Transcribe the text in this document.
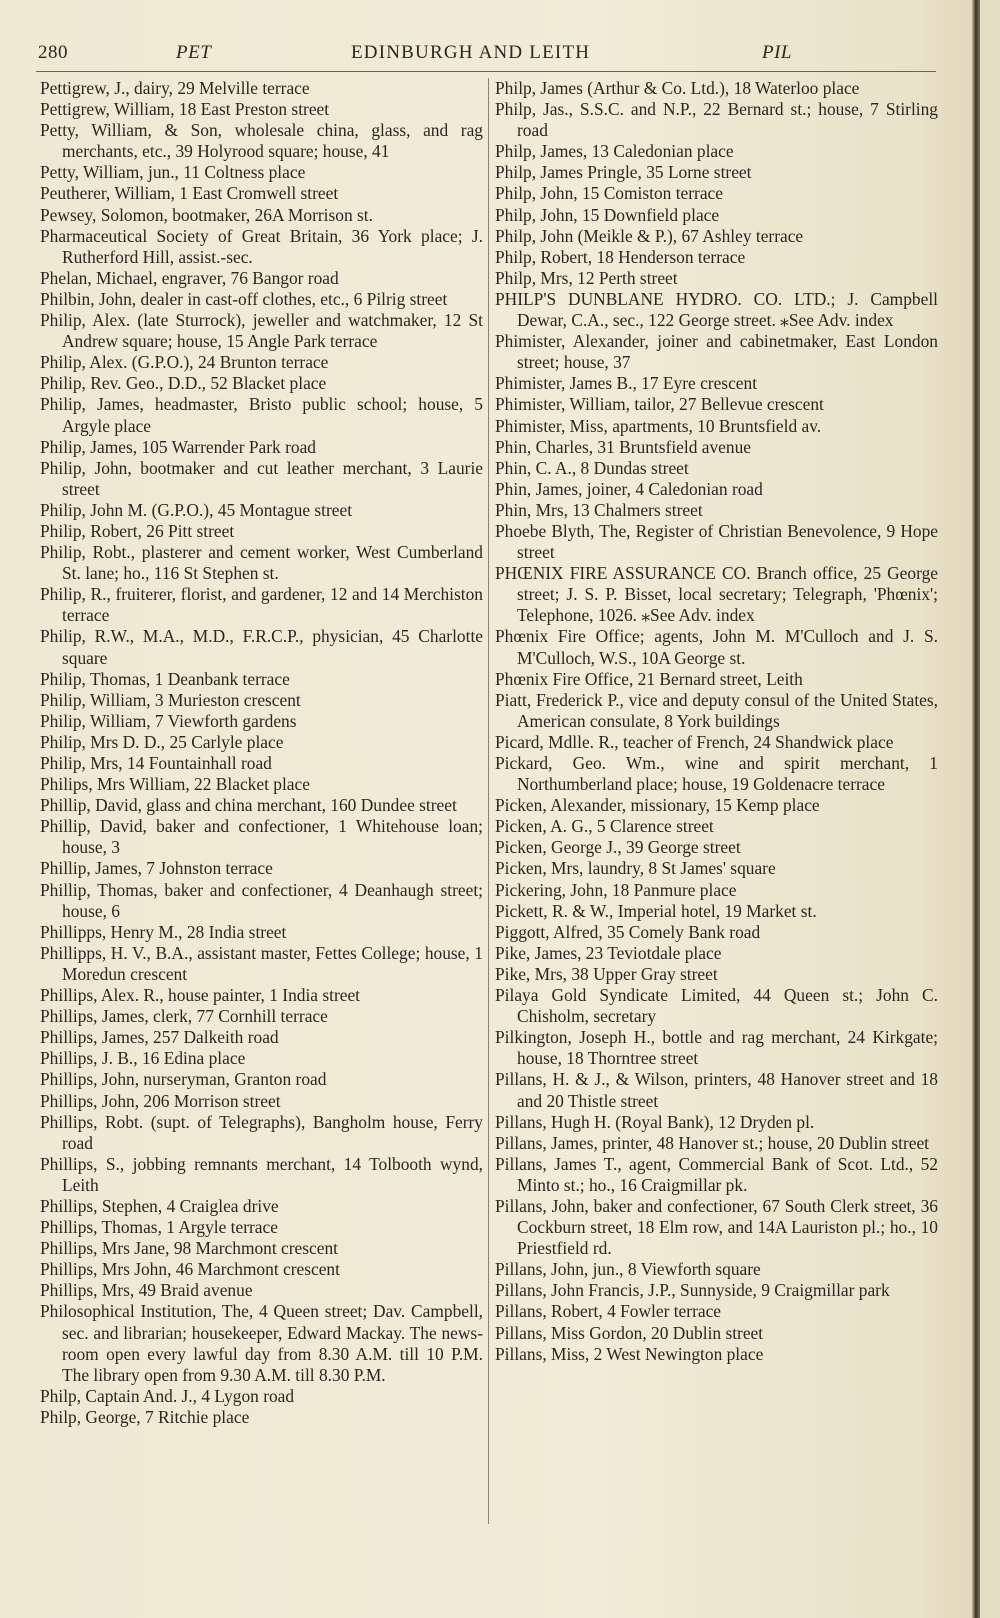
280	PET	EDINBURGH AND LEITH	PIL
Pettigrew, J., dairy, 29 Melville terrace
Pettigrew, William, 18 East Preston street
Petty, William, & Son, wholesale china, glass, and rag merchants, etc., 39 Holyrood square; house, 41
Petty, William, jun., 11 Coltness place
Peutherer, William, 1 East Cromwell street
Pewsey, Solomon, bootmaker, 26A Morrison st.
Pharmaceutical Society of Great Britain, 36 York place; J. Rutherford Hill, assist.-sec.
Phelan, Michael, engraver, 76 Bangor road
Philbin, John, dealer in cast-off clothes, etc., 6 Pilrig street
Philip, Alex. (late Sturrock), jeweller and watchmaker, 12 St Andrew square; house, 15 Angle Park terrace
Philip, Alex. (G.P.O.), 24 Brunton terrace
Philip, Rev. Geo., D.D., 52 Blacket place
Philip, James, headmaster, Bristo public school; house, 5 Argyle place
Philip, James, 105 Warrender Park road
Philip, John, bootmaker and cut leather merchant, 3 Laurie street
Philip, John M. (G.P.O.), 45 Montague street
Philip, Robert, 26 Pitt street
Philip, Robt., plasterer and cement worker, West Cumberland St. lane; ho., 116 St Stephen st.
Philip, R., fruiterer, florist, and gardener, 12 and 14 Merchiston terrace
Philip, R.W., M.A., M.D., F.R.C.P., physician, 45 Charlotte square
Philip, Thomas, 1 Deanbank terrace
Philip, William, 3 Murieston crescent
Philip, William, 7 Viewforth gardens
Philip, Mrs D. D., 25 Carlyle place
Philip, Mrs, 14 Fountainhall road
Philips, Mrs William, 22 Blacket place
Phillip, David, glass and china merchant, 160 Dundee street
Phillip, David, baker and confectioner, 1 Whitehouse loan; house, 3
Phillip, James, 7 Johnston terrace
Phillip, Thomas, baker and confectioner, 4 Deanhaugh street; house, 6
Phillipps, Henry M., 28 India street
Phillipps, H. V., B.A., assistant master, Fettes College; house, 1 Moredun crescent
Phillips, Alex. R., house painter, 1 India street
Phillips, James, clerk, 77 Cornhill terrace
Phillips, James, 257 Dalkeith road
Phillips, J. B., 16 Edina place
Phillips, John, nurseryman, Granton road
Phillips, John, 206 Morrison street
Phillips, Robt. (supt. of Telegraphs), Bangholm house, Ferry road
Phillips, S., jobbing remnants merchant, 14 Tolbooth wynd, Leith
Phillips, Stephen, 4 Craiglea drive
Phillips, Thomas, 1 Argyle terrace
Phillips, Mrs Jane, 98 Marchmont crescent
Phillips, Mrs John, 46 Marchmont crescent
Phillips, Mrs, 49 Braid avenue
Philosophical Institution, The, 4 Queen street; Dav. Campbell, sec. and librarian; housekeeper, Edward Mackay. The news-room open every lawful day from 8.30 A.M. till 10 P.M. The library open from 9.30 A.M. till 8.30 P.M.
Philp, Captain And. J., 4 Lygon road
Philp, George, 7 Ritchie place
Philp, James (Arthur & Co. Ltd.), 18 Waterloo place
Philp, Jas., S.S.C. and N.P., 22 Bernard st.; house, 7 Stirling road
Philp, James, 13 Caledonian place
Philp, James Pringle, 35 Lorne street
Philp, John, 15 Comiston terrace
Philp, John, 15 Downfield place
Philp, John (Meikle & P.), 67 Ashley terrace
Philp, Robert, 18 Henderson terrace
Philp, Mrs, 12 Perth street
PHILP'S DUNBLANE HYDRO. CO. LTD.; J. Campbell Dewar, C.A., sec., 122 George street. ⁎See Adv. index
Phimister, Alexander, joiner and cabinetmaker, East London street; house, 37
Phimister, James B., 17 Eyre crescent
Phimister, William, tailor, 27 Bellevue crescent
Phimister, Miss, apartments, 10 Bruntsfield av.
Phin, Charles, 31 Bruntsfield avenue
Phin, C. A., 8 Dundas street
Phin, James, joiner, 4 Caledonian road
Phin, Mrs, 13 Chalmers street
Phoebe Blyth, The, Register of Christian Benevolence, 9 Hope street
PHŒNIX FIRE ASSURANCE CO. Branch office, 25 George street; J. S. P. Bisset, local secretary; Telegraph, 'Phœnix'; Telephone, 1026. ⁎See Adv. index
Phœnix Fire Office; agents, John M. M'Culloch and J. S. M'Culloch, W.S., 10A George st.
Phœnix Fire Office, 21 Bernard street, Leith
Piatt, Frederick P., vice and deputy consul of the United States, American consulate, 8 York buildings
Picard, Mdlle. R., teacher of French, 24 Shandwick place
Pickard, Geo. Wm., wine and spirit merchant, 1 Northumberland place; house, 19 Goldenacre terrace
Picken, Alexander, missionary, 15 Kemp place
Picken, A. G., 5 Clarence street
Picken, George J., 39 George street
Picken, Mrs, laundry, 8 St James' square
Pickering, John, 18 Panmure place
Pickett, R. & W., Imperial hotel, 19 Market st.
Piggott, Alfred, 35 Comely Bank road
Pike, James, 23 Teviotdale place
Pike, Mrs, 38 Upper Gray street
Pilaya Gold Syndicate Limited, 44 Queen st.; John C. Chisholm, secretary
Pilkington, Joseph H., bottle and rag merchant, 24 Kirkgate; house, 18 Thorntree street
Pillans, H. & J., & Wilson, printers, 48 Hanover street and 18 and 20 Thistle street
Pillans, Hugh H. (Royal Bank), 12 Dryden pl.
Pillans, James, printer, 48 Hanover st.; house, 20 Dublin street
Pillans, James T., agent, Commercial Bank of Scot. Ltd., 52 Minto st.; ho., 16 Craigmillar pk.
Pillans, John, baker and confectioner, 67 South Clerk street, 36 Cockburn street, 18 Elm row, and 14A Lauriston pl.; ho., 10 Priestfield rd.
Pillans, John, jun., 8 Viewforth square
Pillans, John Francis, J.P., Sunnyside, 9 Craigmillar park
Pillans, Robert, 4 Fowler terrace
Pillans, Miss Gordon, 20 Dublin street
Pillans, Miss, 2 West Newington place
